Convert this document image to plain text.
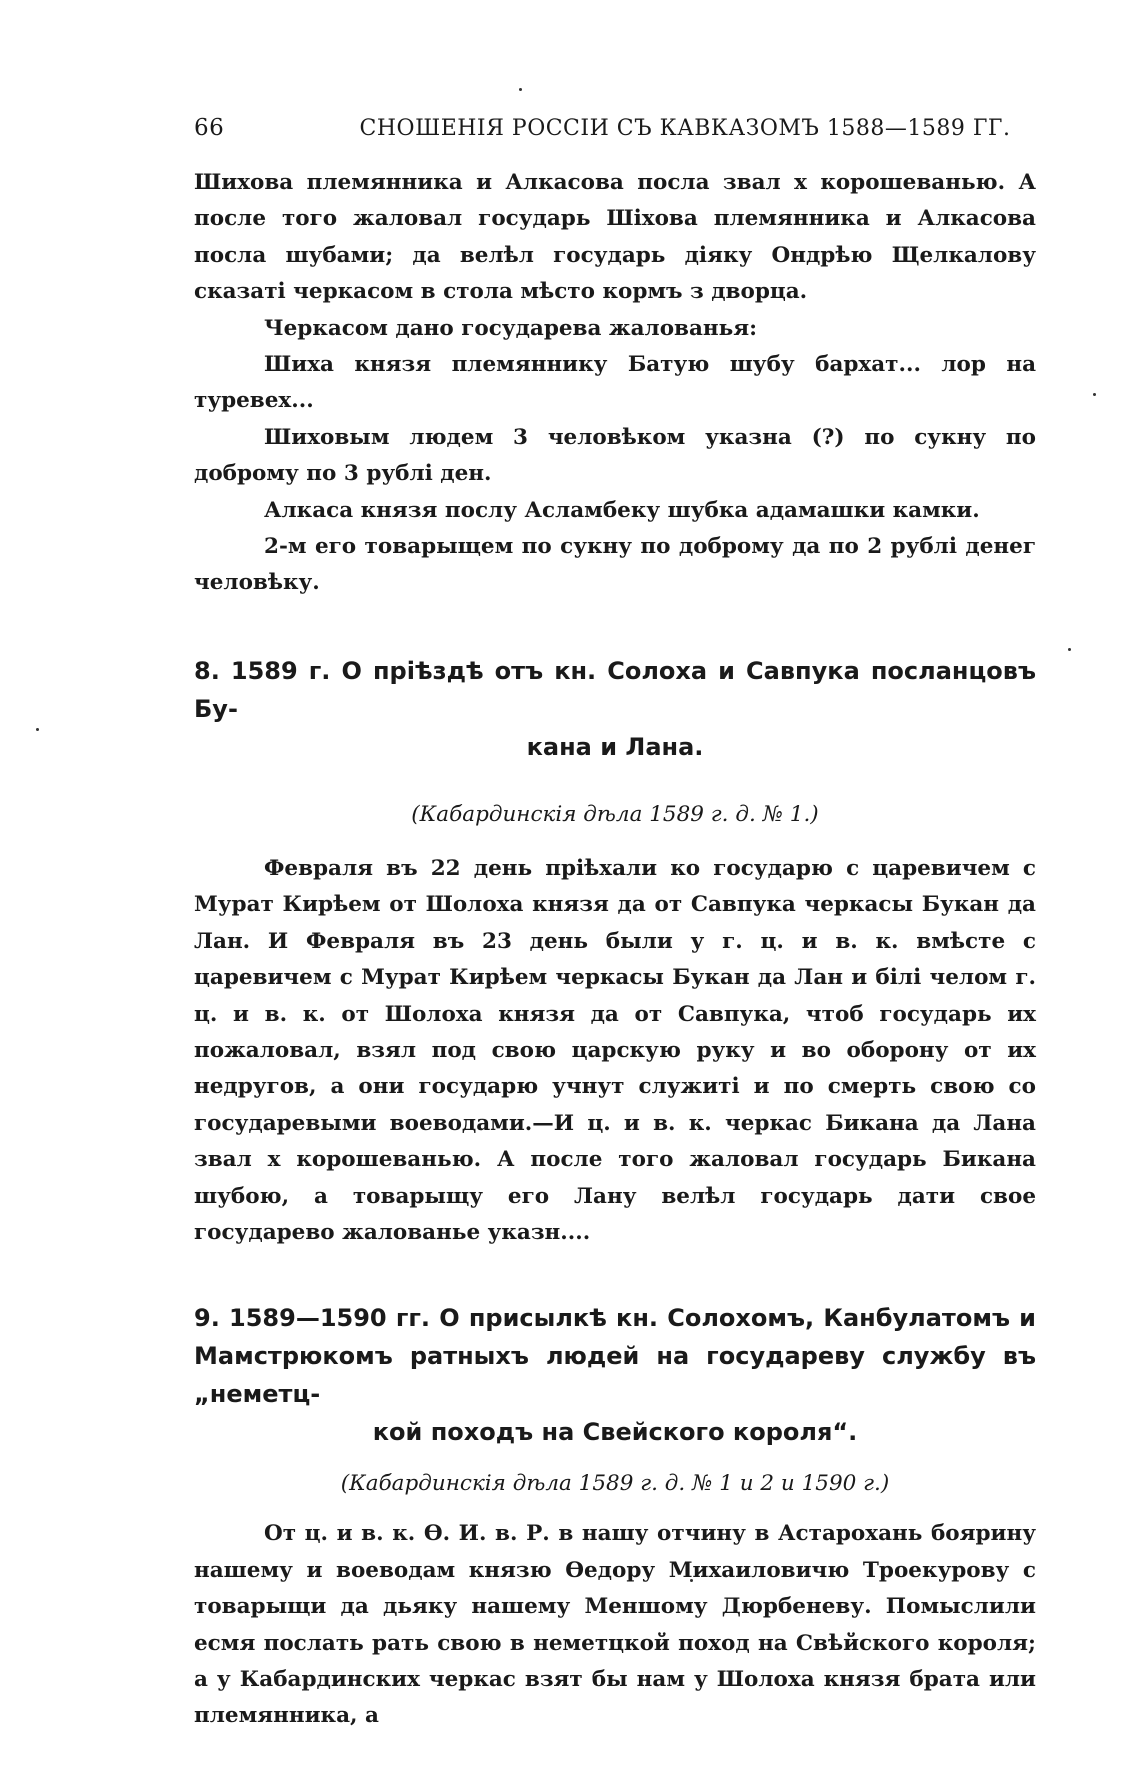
66	СНОШЕНІЯ РОССІИ СЪ КАВКАЗОМЪ 1588—1589 ГГ.

Шихова племянника и Алкасова посла звал х корошеванью. А после того жаловал государь Шіхова племянника и Алкасова посла шубами; да велѣл государь діяку Ондрѣю Щелкалову сказаті черкасом в стола мѣсто кормъ з дворца.

Черкасом дано государева жалованья:
Шиха князя племяннику Батую шубу бархат... лор на туревех...
Шиховым людем 3 человѣком указна (?) по сукну по доброму по 3 рублі ден.
Алкаса князя послу Асламбеку шубка адамашки камки.
2-м его товарыщем по сукну по доброму да по 2 рублі денег человѣку.
8. 1589 г. О пріѣздѣ отъ кн. Солоха и Савпука посланцовъ Бу-
кана и Лана.

(Кабардинскія дѣла 1589 г. д. № 1.)

Февраля въ 22 день пріѣхали ко государю с царевичем с Мурат Кирѣем от Шолоха князя да от Савпука черкасы Букан да Лан. И Февраля въ 23 день были у г. ц. и в. к. вмѣсте с царевичем с Мурат Кирѣем черкасы Букан да Лан и білі челом г. ц. и в. к. от Шолоха князя да от Савпука, чтоб государь их пожаловал, взял под свою царскую руку и во оборону от их недругов, а они государю учнут служиті и по смерть свою со государевыми воеводами.—И ц. и в. к. черкас Бикана да Лана звал х корошеванью. А после того жаловал государь Бикана шубою, а товарыщу его Лану велѣл государь дати свое государево жалованье указн....

9. 1589—1590 гг. О присылкѣ кн. Солохомъ, Канбулатомъ и
Мамстрюкомъ ратныхъ людей на государеву службу въ „неметц-
кой походъ на Свейского короля“.

(Кабардинскія дѣла 1589 г. д. № 1 и 2 и 1590 г.)

От ц. и в. к. Ѳ. И. в. Р. в нашу отчину в Астарохань боярину нашему и воеводам князю Ѳедору Михаиловичю Троекурову с товарыщи да дьяку нашему Меншому Дюрбеневу. Помыслили есмя послать рать свою в неметцкой поход на Свѣйского короля; а у Кабардинских черкас взят бы нам у Шолоха князя брата или племянника, а
